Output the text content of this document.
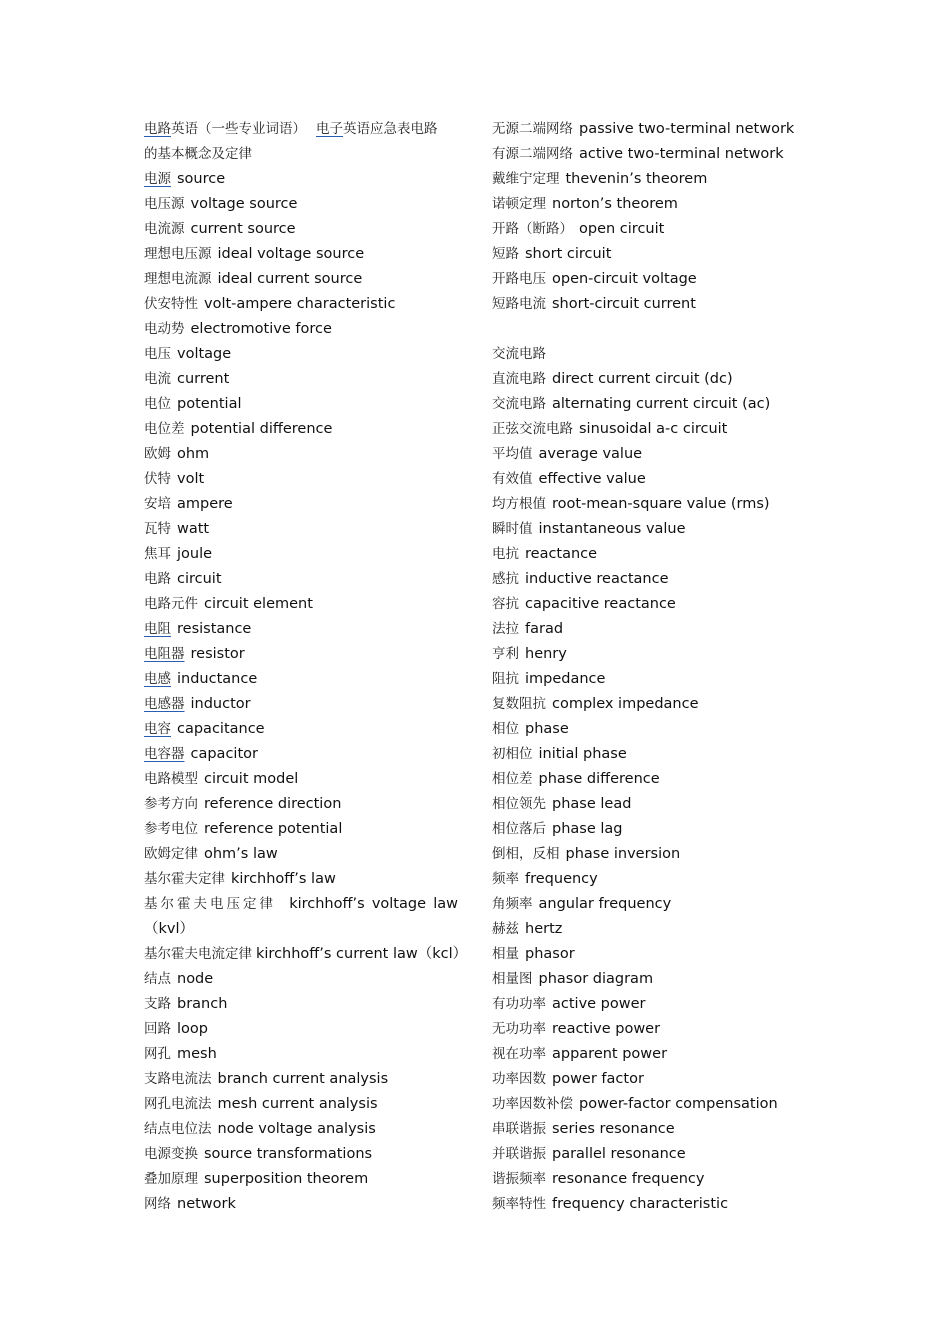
电路英语（一些专业词语） 电子英语应急表电路
的基本概念及定律
电源 source
电压源 voltage source
电流源 current source
理想电压源 ideal voltage source
理想电流源 ideal current source
伏安特性 volt-ampere characteristic
电动势 electromotive force
电压 voltage
电流 current
电位 potential
电位差 potential difference
欧姆 ohm
伏特 volt
安培 ampere
瓦特 watt
焦耳 joule
电路 circuit
电路元件 circuit element
电阻 resistance
电阻器 resistor
电感 inductance
电感器 inductor
电容 capacitance
电容器 capacitor
电路模型 circuit model
参考方向 reference direction
参考电位 reference potential
欧姆定律 ohm’s law
基尔霍夫定律 kirchhoff’s law
基尔霍夫电压定律 kirchhoff’s voltage law
（kvl）
基尔霍夫电流定律 kirchhoff’s current law（kcl）
结点 node
支路 branch
回路 loop
网孔 mesh
支路电流法 branch current analysis
网孔电流法 mesh current analysis
结点电位法 node voltage analysis
电源变换 source transformations
叠加原理 superposition theorem
网络 network
无源二端网络 passive two-terminal network
有源二端网络 active two-terminal network
戴维宁定理 thevenin’s theorem
诺顿定理 norton’s theorem
开路（断路） open circuit
短路 short circuit
开路电压 open-circuit voltage
短路电流 short-circuit current
交流电路
直流电路 direct current circuit (dc)
交流电路 alternating current circuit (ac)
正弦交流电路 sinusoidal a-c circuit
平均值 average value
有效值 effective value
均方根值 root-mean-square value (rms)
瞬时值 instantaneous value
电抗 reactance
感抗 inductive reactance
容抗 capacitive reactance
法拉 farad
亨利 henry
阻抗 impedance
复数阻抗 complex impedance
相位 phase
初相位 initial phase
相位差 phase difference
相位领先 phase lead
相位落后 phase lag
倒相，反相 phase inversion
频率 frequency
角频率 angular frequency
赫兹 hertz
相量 phasor
相量图 phasor diagram
有功功率 active power
无功功率 reactive power
视在功率 apparent power
功率因数 power factor
功率因数补偿 power-factor compensation
串联谐振 series resonance
并联谐振 parallel resonance
谐振频率 resonance frequency
频率特性 frequency characteristic
